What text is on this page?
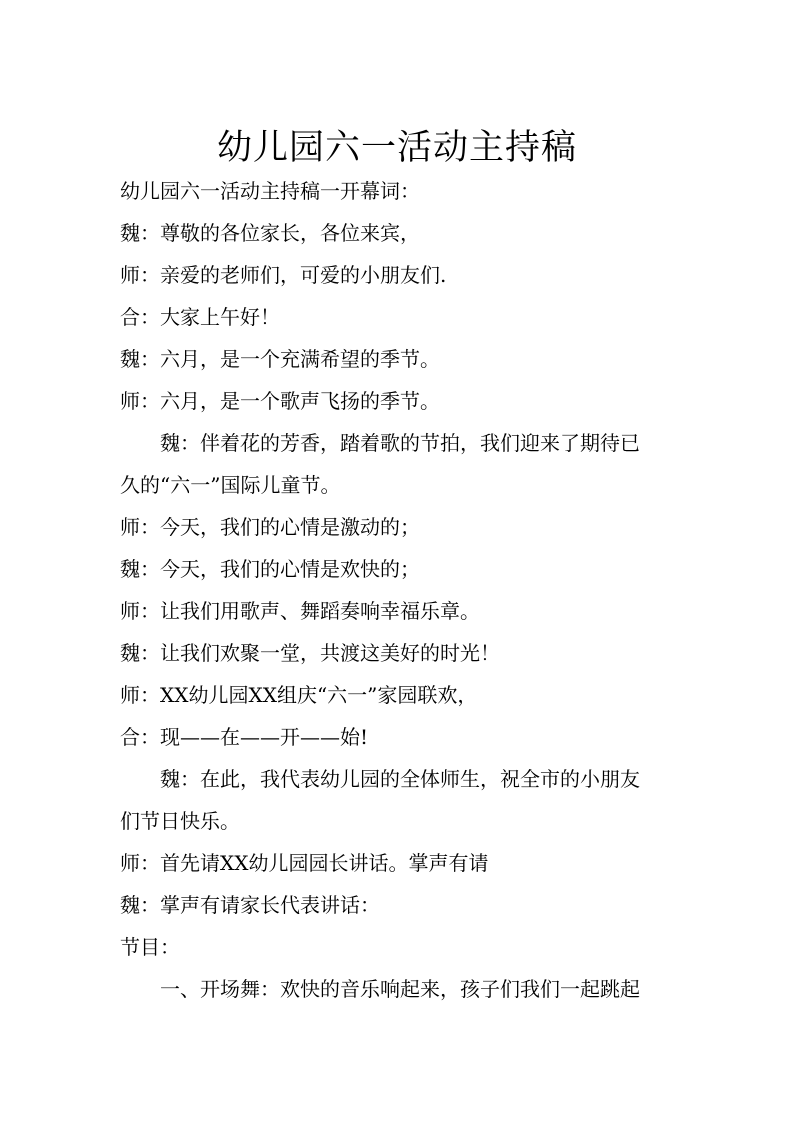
幼儿园六一活动主持稿

幼儿园六一活动主持稿一开幕词：

魏：尊敬的各位家长，各位来宾，

师：亲爱的老师们，可爱的小朋友们.

合：大家上午好！

魏：六月，是一个充满希望的季节。

师：六月，是一个歌声飞扬的季节。

魏：伴着花的芳香，踏着歌的节拍，我们迎来了期待已

久的“六一”国际儿童节。

师：今天，我们的心情是激动的；

魏：今天，我们的心情是欢快的；

师：让我们用歌声、舞蹈奏响幸福乐章。

魏：让我们欢聚一堂，共渡这美好的时光！

师：XX幼儿园XX组庆“六一”家园联欢，

合：现——在——开——始!

魏：在此，我代表幼儿园的全体师生，祝全市的小朋友

们节日快乐。

师：首先请XX幼儿园园长讲话。掌声有请

魏：掌声有请家长代表讲话：

节目：

一、开场舞：欢快的音乐响起来，孩子们我们一起跳起
